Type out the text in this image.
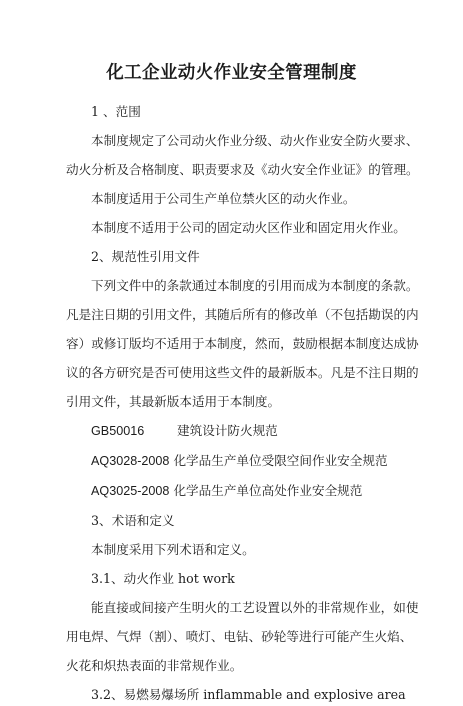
化工企业动火作业安全管理制度

1 、范围

本制度规定了公司动火作业分级、动火作业安全防火要求、

动火分析及合格制度、职责要求及《动火安全作业证》的管理。

本制度适用于公司生产单位禁火区的动火作业。

本制度不适用于公司的固定动火区作业和固定用火作业。

2、规范性引用文件

下列文件中的条款通过本制度的引用而成为本制度的条款。

凡是注日期的引用文件，其随后所有的修改单（不包括勘误的内

容）或修订版均不适用于本制度，然而，鼓励根据本制度达成协

议的各方研究是否可使用这些文件的最新版本。凡是不注日期的

引用文件，其最新版本适用于本制度。

GB50016	建筑设计防火规范

AQ3028-2008 化学品生产单位受限空间作业安全规范

AQ3025-2008 化学品生产单位高处作业安全规范

3、术语和定义

本制度采用下列术语和定义。

3.1、动火作业 hot work

能直接或间接产生明火的工艺设置以外的非常规作业，如使

用电焊、气焊（割）、喷灯、电钻、砂轮等进行可能产生火焰、

火花和炽热表面的非常规作业。

3.2、易燃易爆场所 inflammable and explosive area
